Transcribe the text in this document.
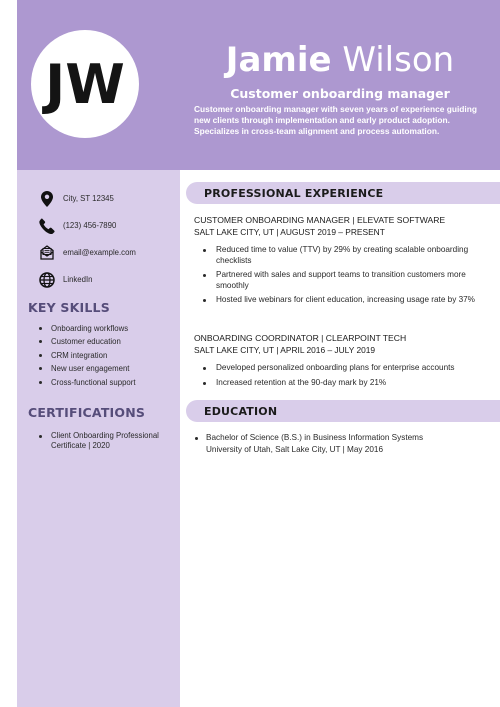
JW	Jamie Wilson
Customer onboarding manager
Customer onboarding manager with seven years of experience guiding new clients through implementation and early product adoption. Specializes in cross-team alignment and process automation.
City, ST 12345
(123) 456-7890
email@example.com
LinkedIn
KEY SKILLS
Onboarding workflows
Customer education
CRM integration
New user engagement
Cross-functional support
CERTIFICATIONS
Client Onboarding Professional Certificate | 2020
PROFESSIONAL EXPERIENCE
CUSTOMER ONBOARDING MANAGER | ELEVATE SOFTWARE
SALT LAKE CITY, UT | AUGUST 2019 – PRESENT
Reduced time to value (TTV) by 29% by creating scalable onboarding checklists
Partnered with sales and support teams to transition customers more smoothly
Hosted live webinars for client education, increasing usage rate by 37%
ONBOARDING COORDINATOR | CLEARPOINT TECH
SALT LAKE CITY, UT | APRIL 2016 – JULY 2019
Developed personalized onboarding plans for enterprise accounts
Increased retention at the 90-day mark by 21%
EDUCATION
Bachelor of Science (B.S.) in Business Information Systems
University of Utah, Salt Lake City, UT | May 2016
